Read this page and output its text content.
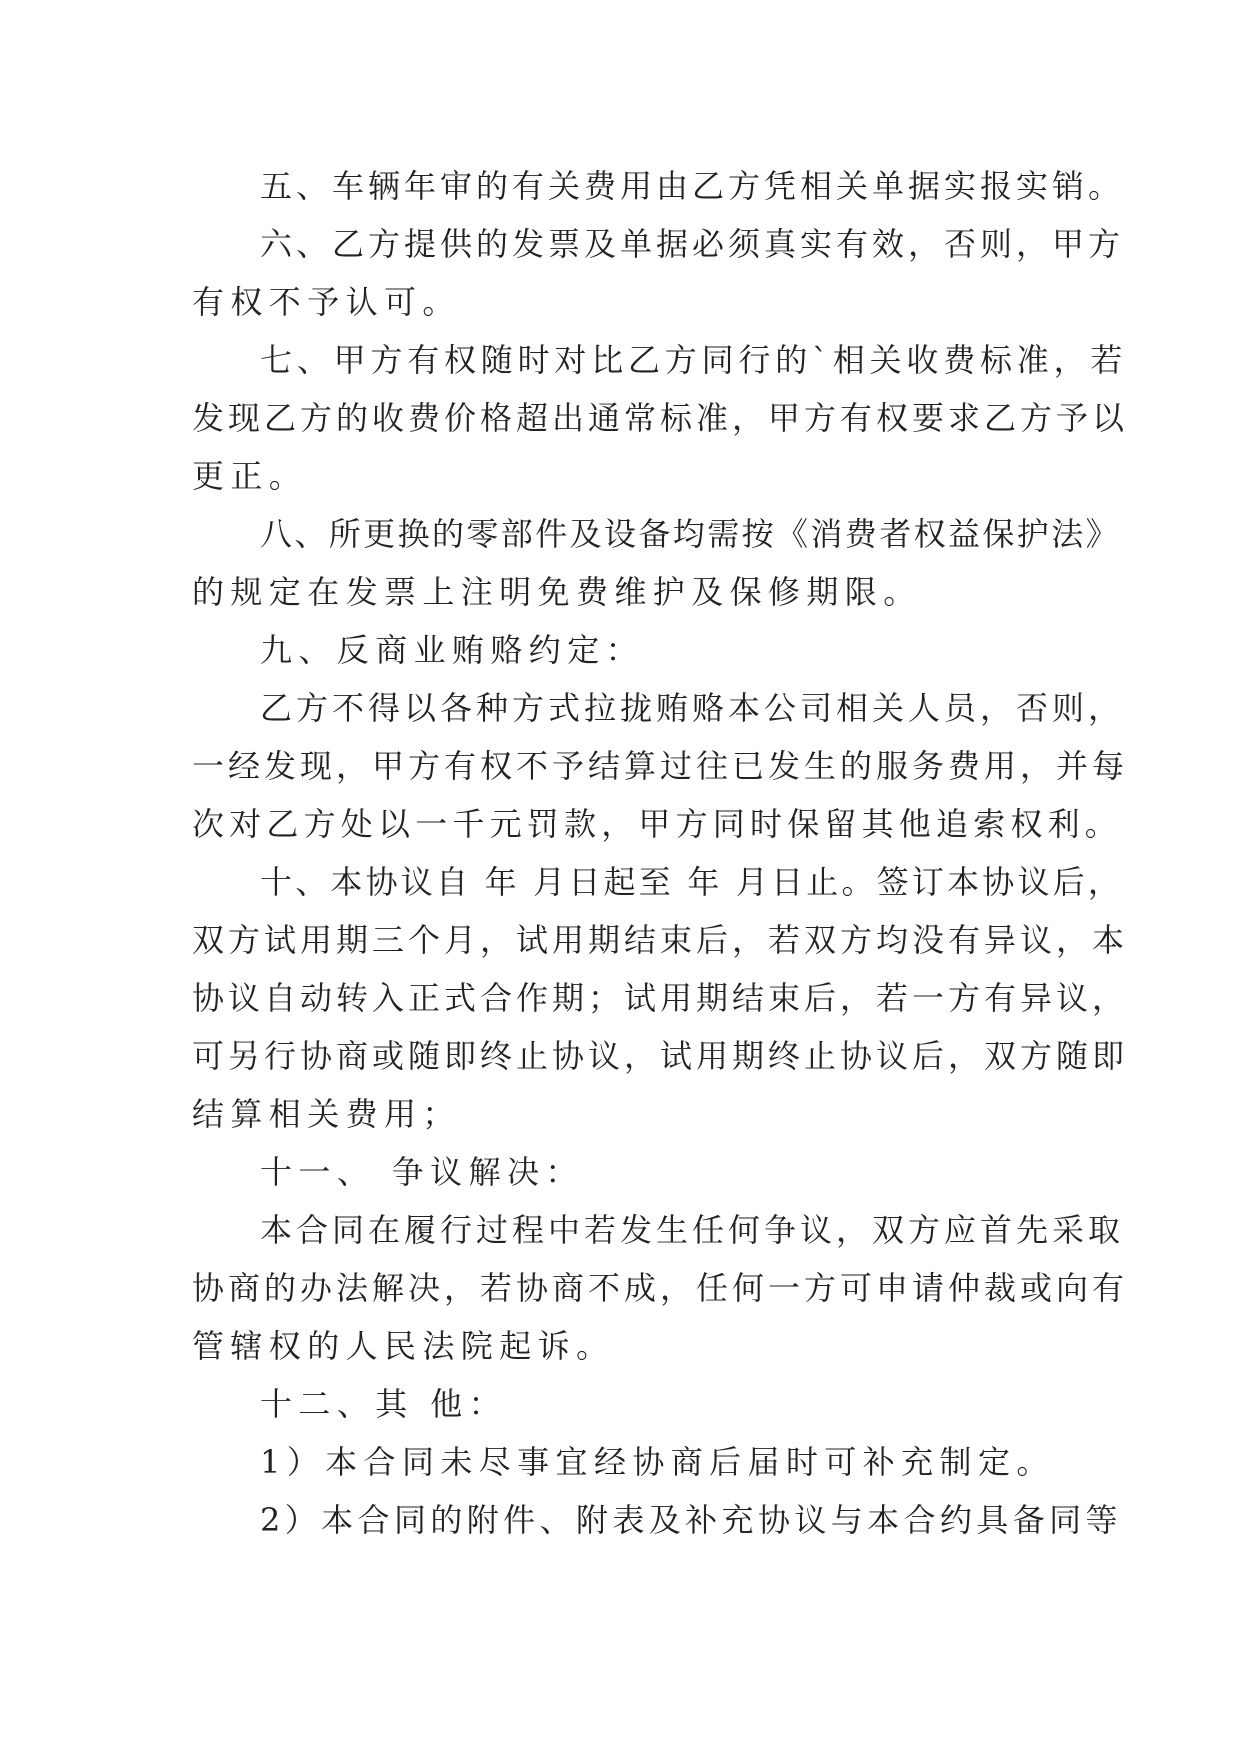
五、车辆年审的有关费用由乙方凭相关单据实报实销。
六、乙方提供的发票及单据必须真实有效，否则，甲方
有权不予认可。
七、甲方有权随时对比乙方同行的`相关收费标准，若
发现乙方的收费价格超出通常标准，甲方有权要求乙方予以
更正。
八、所更换的零部件及设备均需按《消费者权益保护法》
的规定在发票上注明免费维护及保修期限。
九、反商业贿赂约定：
乙方不得以各种方式拉拢贿赂本公司相关人员，否则，
一经发现，甲方有权不予结算过往已发生的服务费用，并每
次对乙方处以一千元罚款，甲方同时保留其他追索权利。
十、本协议自 年 月日起至 年 月日止。签订本协议后，
双方试用期三个月，试用期结束后，若双方均没有异议，本
协议自动转入正式合作期；试用期结束后，若一方有异议，
可另行协商或随即终止协议，试用期终止协议后，双方随即
结算相关费用；
十一、 争议解决：
本合同在履行过程中若发生任何争议，双方应首先采取
协商的办法解决，若协商不成，任何一方可申请仲裁或向有
管辖权的人民法院起诉。
十二、其 他：
1）本合同未尽事宜经协商后届时可补充制定。
2）本合同的附件、附表及补充协议与本合约具备同等
